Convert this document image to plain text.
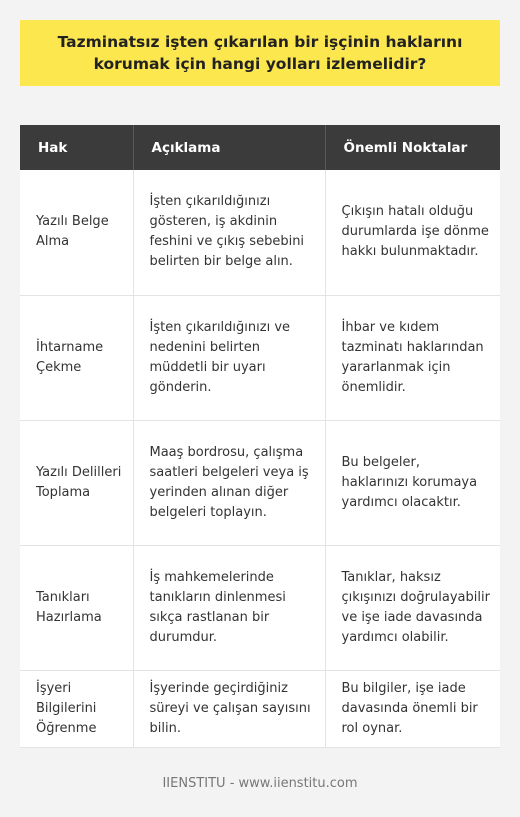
Tazminatsız işten çıkarılan bir işçinin haklarını korumak için hangi yolları izlemelidir?
Hak	Açıklama	Önemli Noktalar
Yazılı Belge Alma	İşten çıkarıldığınızı gösteren, iş akdinin feshini ve çıkış sebebini belirten bir belge alın.	Çıkışın hatalı olduğu durumlarda işe dönme hakkı bulunmaktadır.
İhtarname Çekme	İşten çıkarıldığınızı ve nedenini belirten müddetli bir uyarı gönderin.	İhbar ve kıdem tazminatı haklarından yararlanmak için önemlidir.
Yazılı Delilleri Toplama	Maaş bordrosu, çalışma saatleri belgeleri veya iş yerinden alınan diğer belgeleri toplayın.	Bu belgeler, haklarınızı korumaya yardımcı olacaktır.
Tanıkları Hazırlama	İş mahkemelerinde tanıkların dinlenmesi sıkça rastlanan bir durumdur.	Tanıklar, haksız çıkışınızı doğrulayabilir ve işe iade davasında yardımcı olabilir.
İşyeri Bilgilerini Öğrenme	İşyerinde geçirdiğiniz süreyi ve çalışan sayısını bilin.	Bu bilgiler, işe iade davasında önemli bir rol oynar.
IIENSTITU - www.iienstitu.com
